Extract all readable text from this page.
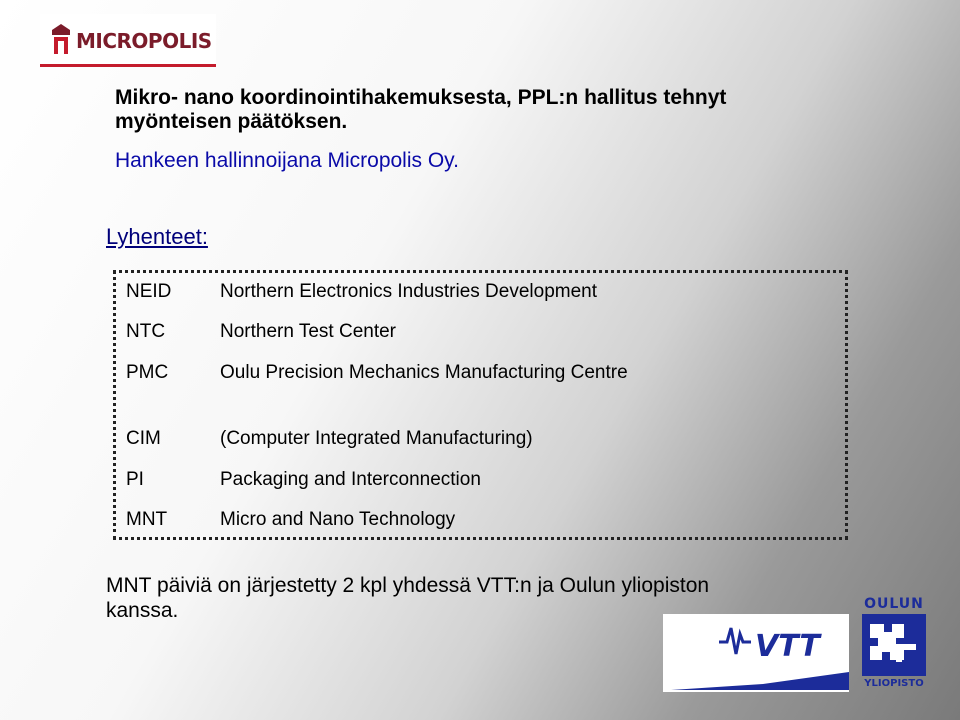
MICROPOLIS
Mikro- nano koordinointihakemuksesta, PPL:n hallitus tehnyt
myönteisen päätöksen.
Hankeen hallinnoijana Micropolis Oy.
Lyhenteet:
NEID	Northern Electronics Industries Development
NTC	Northern Test Center
PMC	Oulu Precision Mechanics Manufacturing Centre
CIM	(Computer Integrated Manufacturing)
PI	Packaging and Interconnection
MNT	Micro and Nano Technology
MNT päiviä on järjestetty 2 kpl yhdessä VTT:n ja Oulun yliopiston
kanssa.
VTT
OULUN
YLIOPISTO
